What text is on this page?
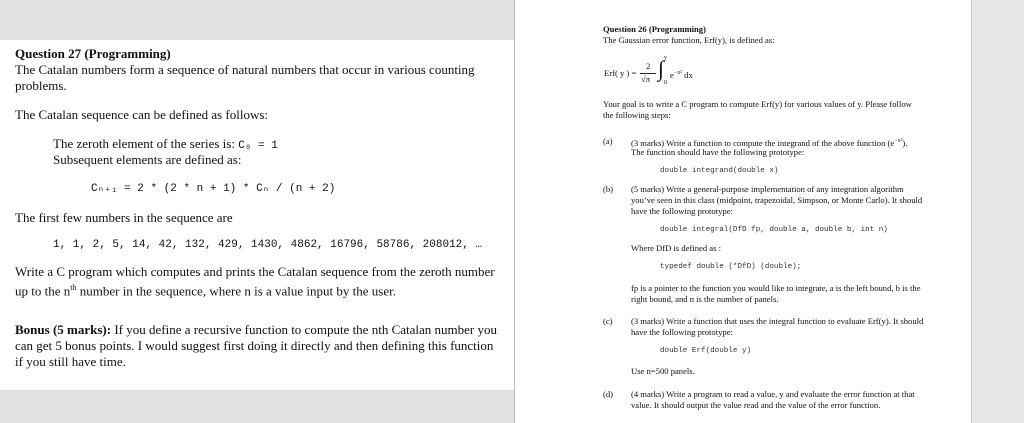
Question 27 (Programming)
The Catalan numbers form a sequence of natural numbers that occur in various counting
problems.
The Catalan sequence can be defined as follows:
The zeroth element of the series is: C₀ = 1
Subsequent elements are defined as:
Cₙ₊₁ = 2 * (2 * n + 1) * Cₙ / (n + 2)
The first few numbers in the sequence are
1, 1, 2, 5, 14, 42, 132, 429, 1430, 4862, 16796, 58786, 208012, …
Write a C program which computes and prints the Catalan sequence from the zeroth number
up to the $n^{th}$ number in the sequence, where n is a value input by the user.
Bonus (5 marks): If you define a recursive function to compute the nth Catalan number you
can get 5 bonus points. I would suggest first doing it directly and then defining this function
if you still have time.
Question 26 (Programming)
The Gaussian error function, Erf(y), is defined as:
Erf( y ) =
2
√π ∫ y
0
$e^{-x^2}$ dx
Your goal is to write a C program to compute Erf(y) for various values of y. Please follow
the following steps:
(a) (3 marks) Write a function to compute the integrand of the above function $(e^{-x^2})$.
The function should have the following prototype:
double integrand(double x)
(b) (5 marks) Write a general-purpose implementation of any integration algorithm
you’ve seen in this class (midpoint, trapezoidal, Simpson, or Monte Carlo). It should
have the following prototype:
double integral(DfD fp, double a, double b, int n)
Where DfD is defined as :
typedef double (*DfD) (double);
fp is a pointer to the function you would like to integrate, a is the left bound, b is the
right bound, and n is the number of panels.
(c) (3 marks) Write a function that uses the integral function to evaluate Erf(y). It should
have the following prototype:
double Erf(double y)
Use n=500 panels.
(d) (4 marks) Write a program to read a value, y and evaluate the error function at that
value. It should output the value read and the value of the error function.
